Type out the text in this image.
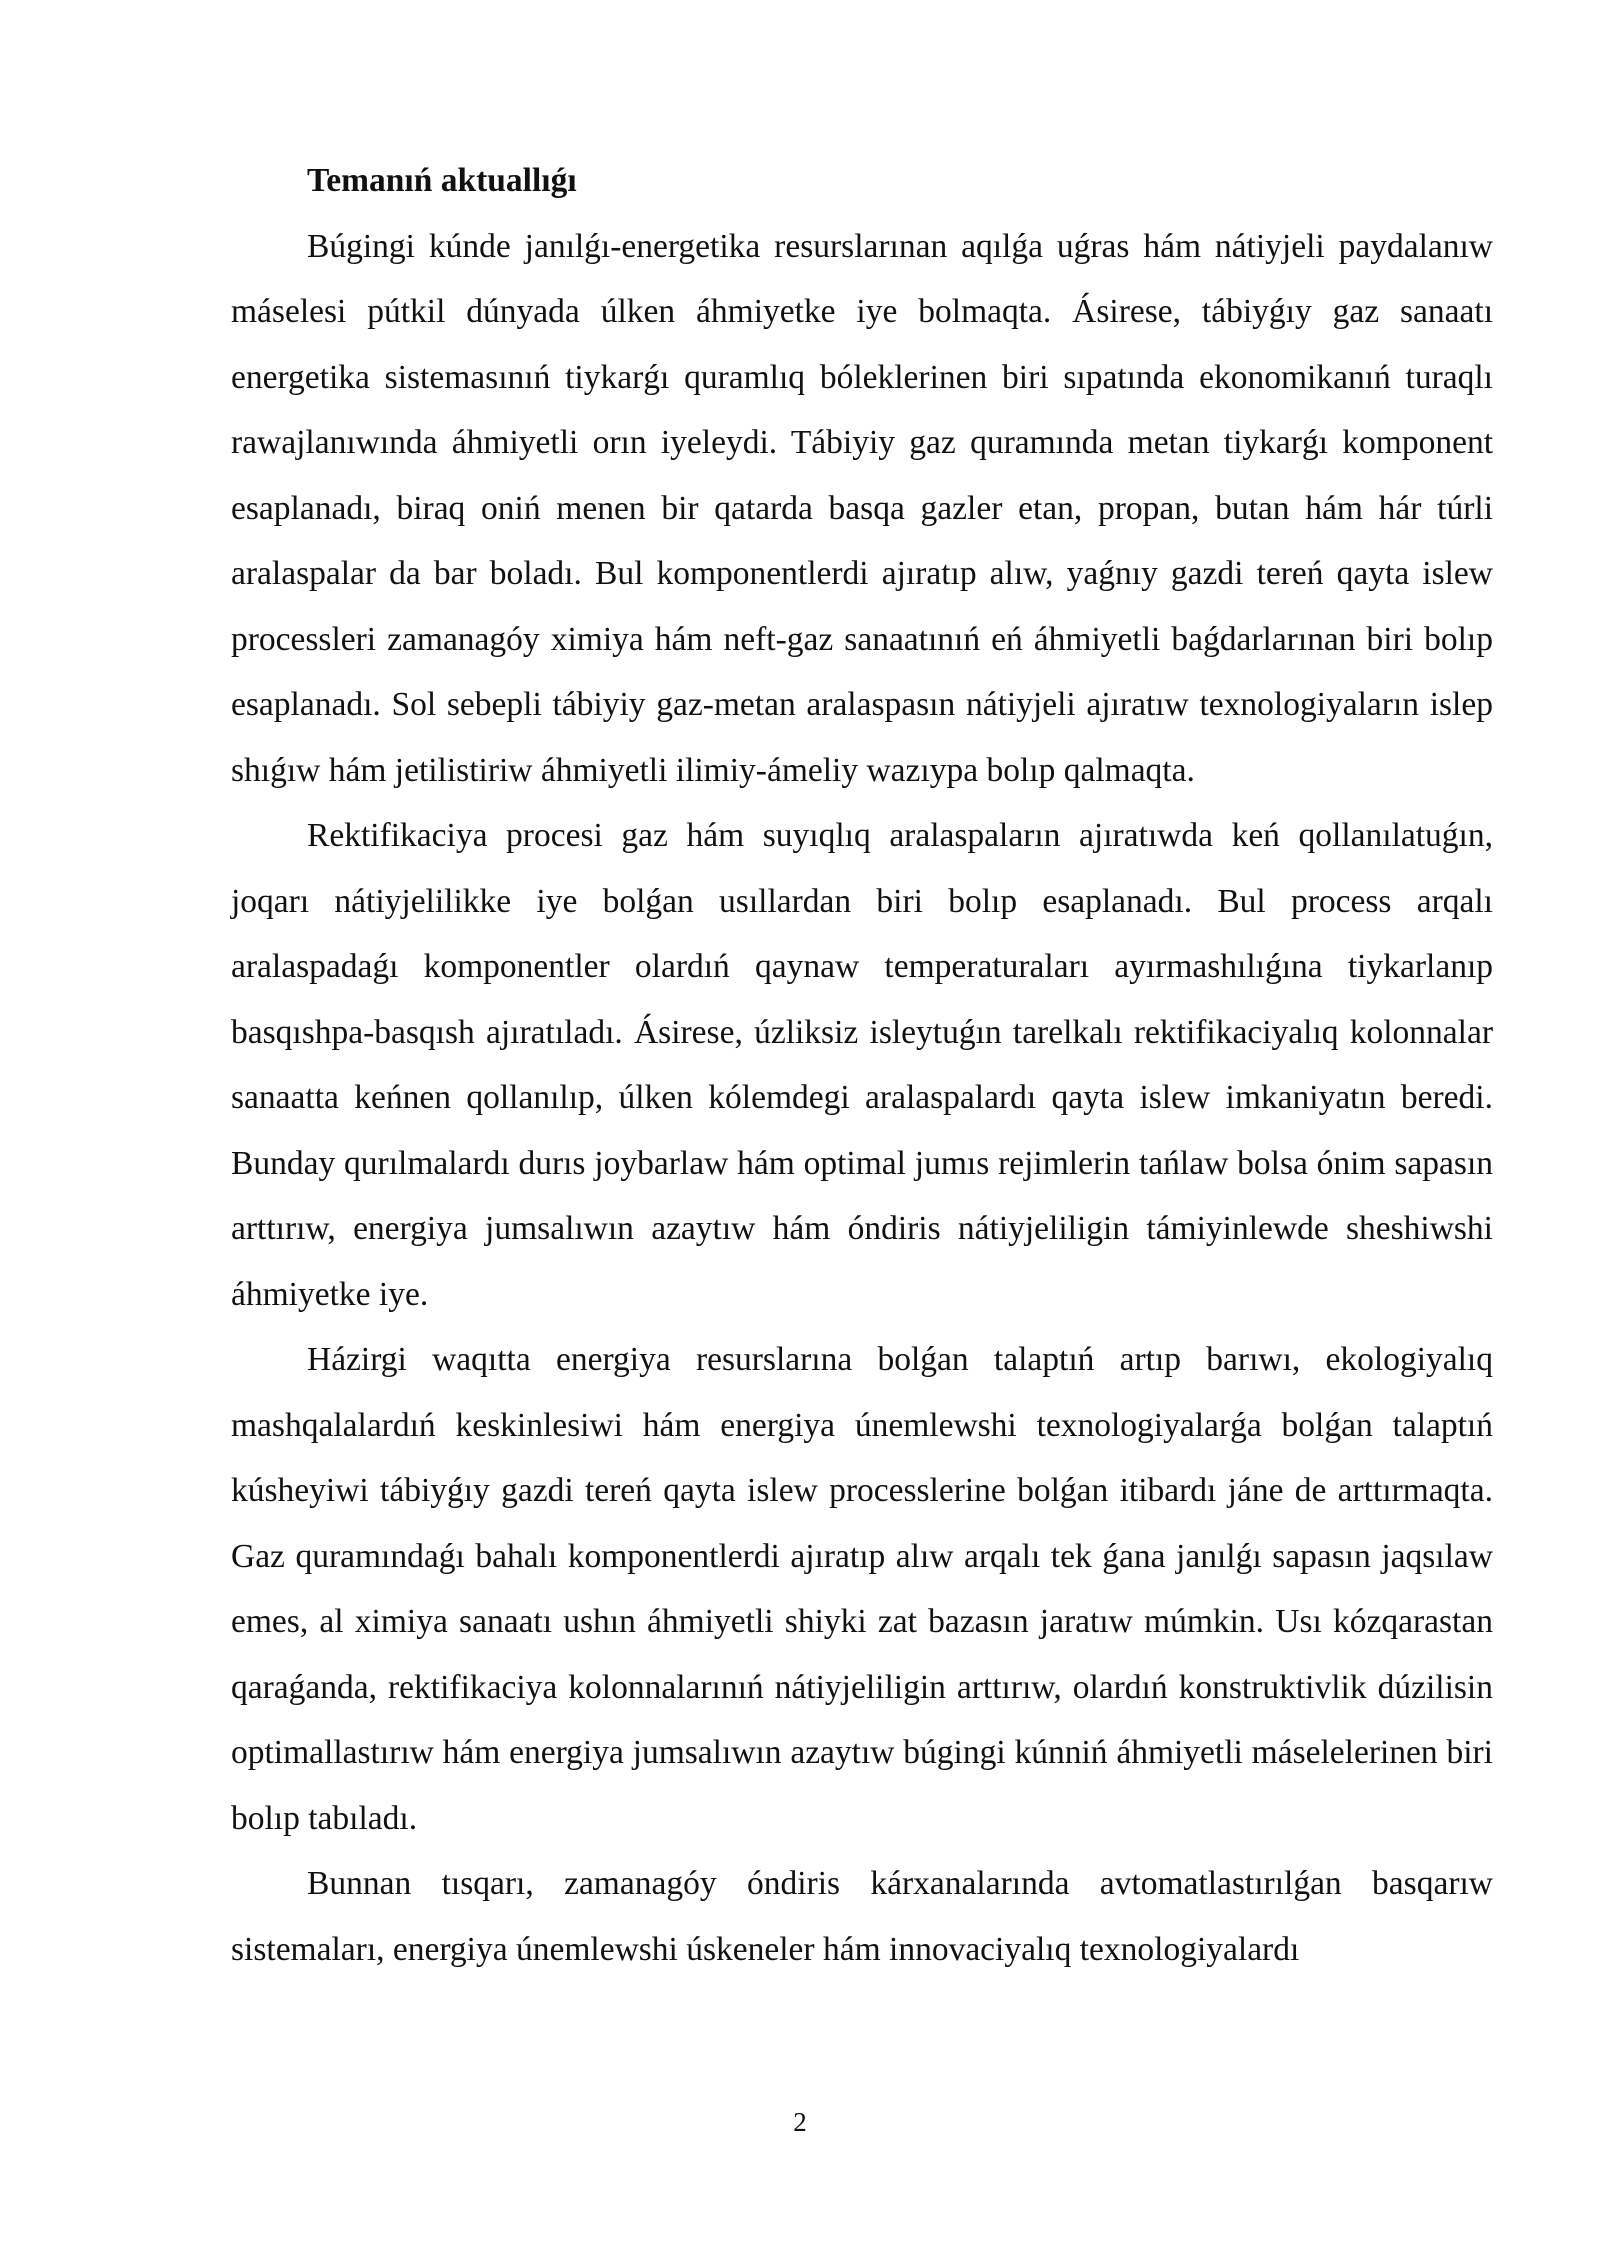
Temanıń aktuallıǵı

Búgingi kúnde janılǵı-energetika resurslarınan aqılǵa uǵras hám nátiyjeli paydalanıw máselesi pútkil dúnyada úlken áhmiyetke iye bolmaqta. Ásirese, tábiyǵıy gaz sanaatı energetika sistemasınıń tiykarǵı quramlıq bóleklerinen biri sıpatında ekonomikanıń turaqlı rawajlanıwında áhmiyetli orın iyeleydi. Tábiyiy gaz quramında metan tiykarǵı komponent esaplanadı, biraq oniń menen bir qatarda basqa gazler etan, propan, butan hám hár túrli aralaspalar da bar boladı. Bul komponentlerdi ajıratıp alıw, yaǵnıy gazdi tereń qayta islew processleri zamanagóy ximiya hám neft-gaz sanaatınıń eń áhmiyetli baǵdarlarınan biri bolıp esaplanadı. Sol sebepli tábiyiy gaz-metan aralaspasın nátiyjeli ajıratıw texnologiyaların islep shıǵıw hám jetilistiriw áhmiyetli ilimiy-ámeliy wazıypa bolıp qalmaqta.

Rektifikaciya procesi gaz hám suyıqlıq aralaspaların ajıratıwda keń qollanılatuǵın, joqarı nátiyjelilikke iye bolǵan usıllardan biri bolıp esaplanadı. Bul process arqalı aralaspadaǵı komponentler olardıń qaynaw temperaturaları ayırmashılıǵına tiykarlanıp basqıshpa-basqısh ajıratıladı. Ásirese, úzliksiz isleytuǵın tarelkalı rektifikaciyalıq kolonnalar sanaatta keńnen qollanılıp, úlken kólemdegi aralaspalardı qayta islew imkaniyatın beredi. Bunday qurılmalardı durıs joybarlaw hám optimal jumıs rejimlerin tańlaw bolsa ónim sapasın arttırıw, energiya jumsalıwın azaytıw hám óndiris nátiyjeliligin támiyinlewde sheshiwshi áhmiyetke iye.

Házirgi waqıtta energiya resurslarına bolǵan talaptıń artıp barıwı, ekologiyalıq mashqalalardıń keskinlesiwi hám energiya únemlewshi texnologiyalarǵa bolǵan talaptıń kúsheyiwi tábiyǵıy gazdi tereń qayta islew processlerine bolǵan itibardı jáne de arttırmaqta. Gaz quramındaǵı bahalı komponentlerdi ajıratıp alıw arqalı tek ǵana janılǵı sapasın jaqsılaw emes, al ximiya sanaatı ushın áhmiyetli shiyki zat bazasın jaratıw múmkin. Usı kózqarastan qaraǵanda, rektifikaciya kolonnalarınıń nátiyjeliligin arttırıw, olardıń konstruktivlik dúzilisin optimallastırıw hám energiya jumsalıwın azaytıw búgingi kúnniń áhmiyetli máselelerinen biri bolıp tabıladı.

Bunnan tısqarı, zamanagóy óndiris kárxanalarında avtomatlastırılǵan basqarıw sistemaları, energiya únemlewshi úskeneler hám innovaciyalıq texnologiyalardı

2
